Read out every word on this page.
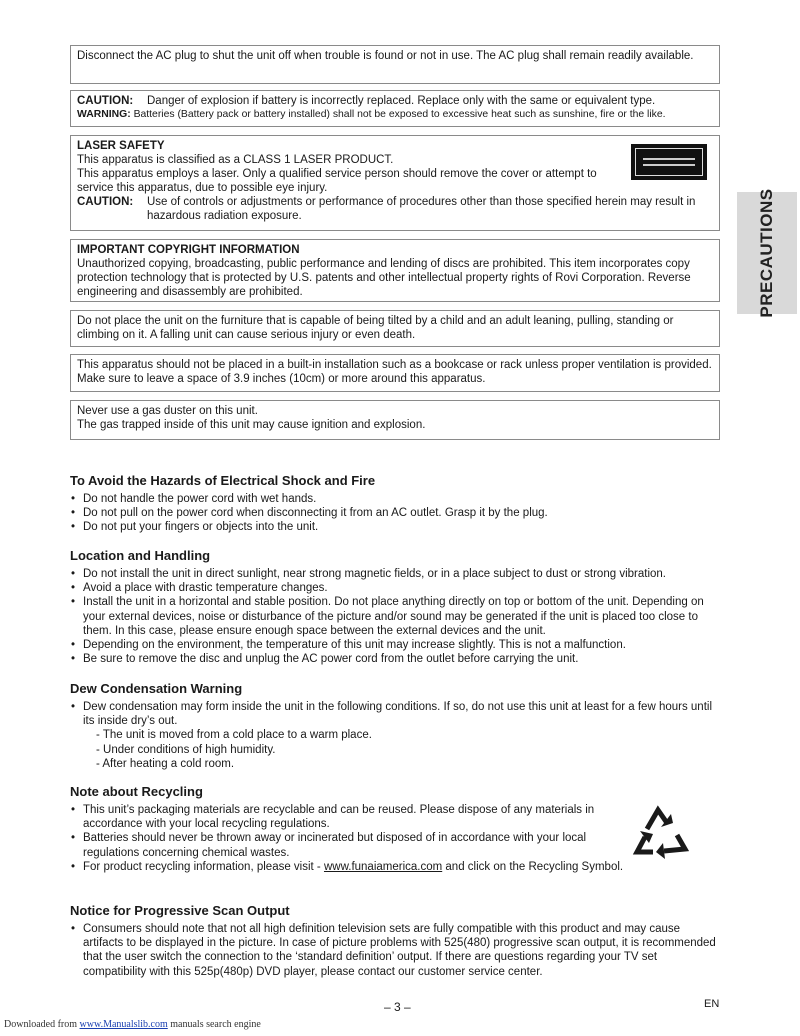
PRECAUTIONS

Disconnect the AC plug to shut the unit off when trouble is found or not in use. The AC plug shall remain readily available.

CAUTION:	Danger of explosion if battery is incorrectly replaced. Replace only with the same or equivalent type.
WARNING: Batteries (Battery pack or battery installed) shall not be exposed to excessive heat such as sunshine, fire or the like.

LASER SAFETY

This apparatus is classified as a CLASS 1 LASER PRODUCT.

This apparatus employs a laser. Only a qualified service person should remove the cover or attempt to service this apparatus, due to possible eye injury.

CAUTION:	Use of controls or adjustments or performance of procedures other than those specified herein may result in hazardous radiation exposure.

IMPORTANT COPYRIGHT INFORMATION

Unauthorized copying, broadcasting, public performance and lending of discs are prohibited. This item incorporates copy protection technology that is protected by U.S. patents and other intellectual property rights of Rovi Corporation. Reverse engineering and disassembly are prohibited.

Do not place the unit on the furniture that is capable of being tilted by a child and an adult leaning, pulling, standing or climbing on it. A falling unit can cause serious injury or even death.

This apparatus should not be placed in a built-in installation such as a bookcase or rack unless proper ventilation is provided. Make sure to leave a space of 3.9 inches (10cm) or more around this apparatus.

Never use a gas duster on this unit.

The gas trapped inside of this unit may cause ignition and explosion.

To Avoid the Hazards of Electrical Shock and Fire
• Do not handle the power cord with wet hands.
• Do not pull on the power cord when disconnecting it from an AC outlet. Grasp it by the plug.
• Do not put your fingers or objects into the unit.
Location and Handling
• Do not install the unit in direct sunlight, near strong magnetic fields, or in a place subject to dust or strong vibration.
• Avoid a place with drastic temperature changes.
• Install the unit in a horizontal and stable position. Do not place anything directly on top or bottom of the unit. Depending on your external devices, noise or disturbance of the picture and/or sound may be generated if the unit is placed too close to them. In this case, please ensure enough space between the external devices and the unit.
• Depending on the environment, the temperature of this unit may increase slightly. This is not a malfunction.
• Be sure to remove the disc and unplug the AC power cord from the outlet before carrying the unit.
Dew Condensation Warning
• Dew condensation may form inside the unit in the following conditions. If so, do not use this unit at least for a few hours until its inside dry’s out.
- The unit is moved from a cold place to a warm place.
- Under conditions of high humidity.
- After heating a cold room.
Note about Recycling
• This unit’s packaging materials are recyclable and can be reused. Please dispose of any materials in accordance with your local recycling regulations.
• Batteries should never be thrown away or incinerated but disposed of in accordance with your local regulations concerning chemical wastes.
• For product recycling information, please visit - www.funaiamerica.com and click on the Recycling Symbol.
Notice for Progressive Scan Output
• Consumers should note that not all high definition television sets are fully compatible with this product and may cause artifacts to be displayed in the picture. In case of picture problems with 525(480) progressive scan output, it is recommended that the user switch the connection to the ‘standard definition’ output. If there are questions regarding your TV set compatibility with this 525p(480p) DVD player, please contact our customer service center.
– 3 –	EN
Downloaded from www.Manualslib.com manuals search engine
